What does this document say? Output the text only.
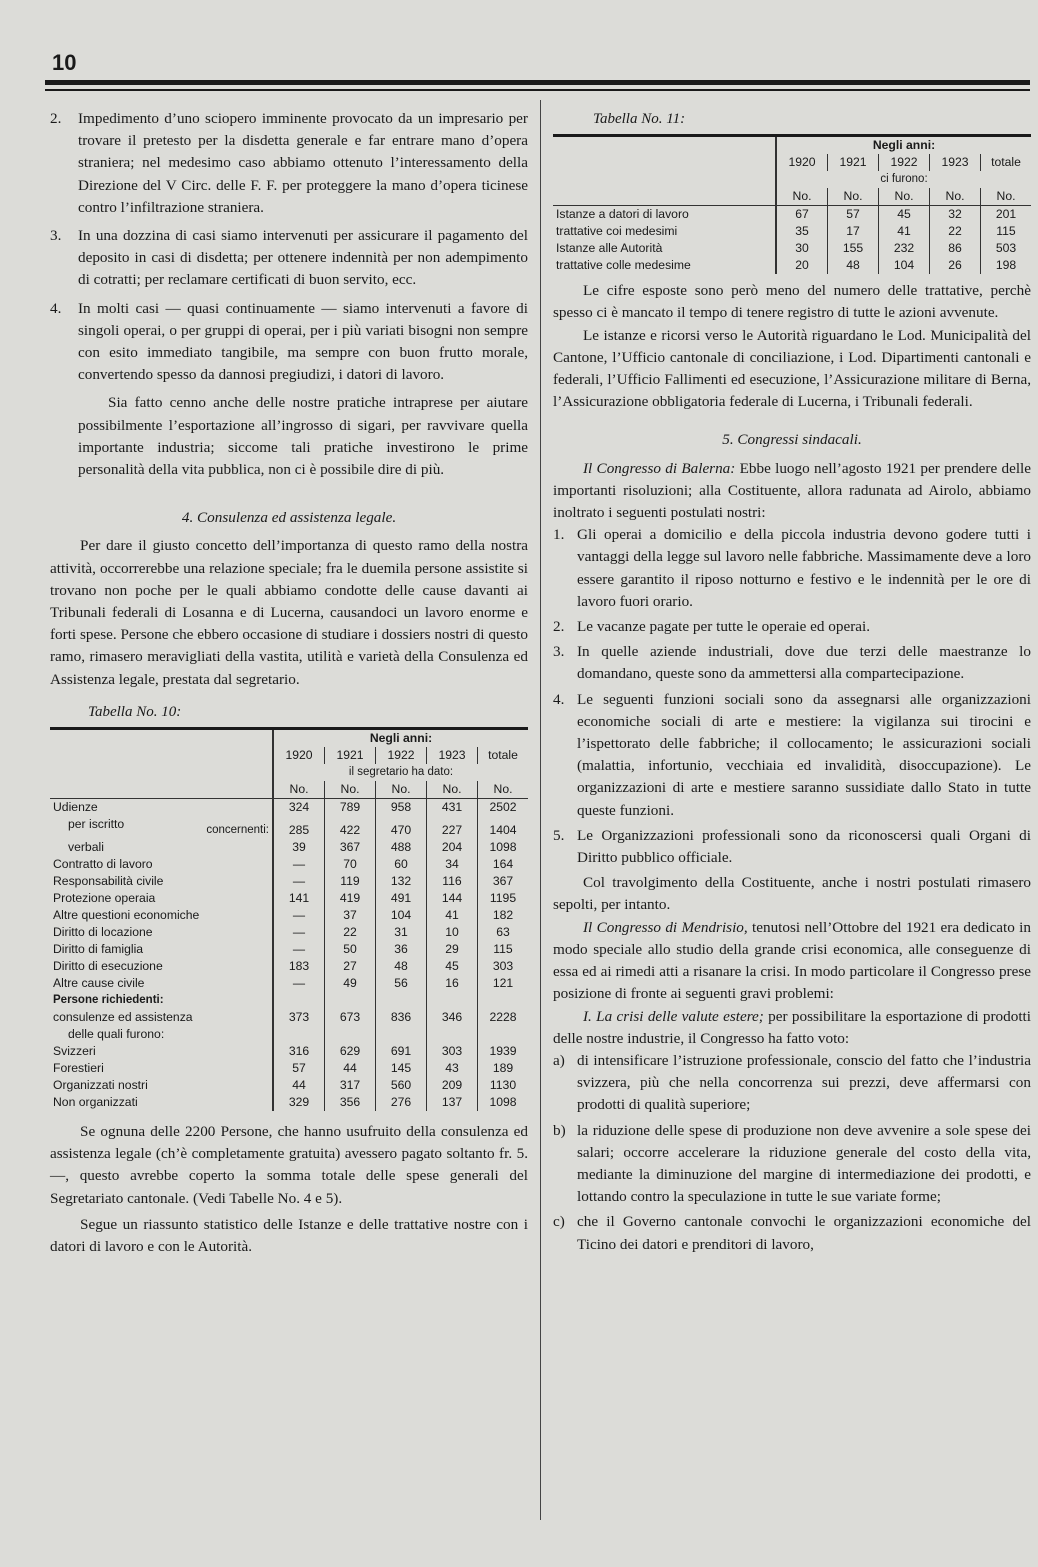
10
2.	Impedimento d’uno sciopero imminente provocato da un impresario per trovare il pretesto per la disdetta generale e far entrare mano d’opera straniera; nel medesimo caso abbiamo ottenuto l’interessamento della Direzione del V Circ. delle F. F. per proteggere la mano d’opera ticinese contro l’infiltrazione straniera.
3.	In una dozzina di casi siamo intervenuti per assicurare il pagamento del deposito in casi di disdetta; per ottenere indennità per non adempimento di cotratti; per reclamare certificati di buon servito, ecc.
4.	In molti casi — quasi continuamente — siamo intervenuti a favore di singoli operai, o per gruppi di operai, per i più variati bisogni non sempre con esito immediato tangibile, ma sempre con buon frutto morale, convertendo spesso da dannosi pregiudizi, i datori di lavoro.

Sia fatto cenno anche delle nostre pratiche intraprese per aiutare possibilmente l’esportazione all’ingrosso di sigari, per ravvivare quella importante industria; siccome tali pratiche investirono le prime personalità della vita pubblica, non ci è possibile dire di più.

4. Consulenza ed assistenza legale.

Per dare il giusto concetto dell’importanza di questo ramo della nostra attività, occorrerebbe una relazione speciale; fra le duemila persone assistite si trovano non poche per le quali abbiamo condotte delle cause davanti ai Tribunali federali di Losanna e di Lucerna, causandoci un lavoro enorme e forti spese. Persone che ebbero occasione di studiare i dossiers nostri di questo ramo, rimasero meravigliati della vastita, utilità e varietà della Consulenza ed Assistenza legale, prestata dal segretario.

Tabella No. 10:
	Negli anni:				
	1920	1921	1922	1923	totale
	il segretario ha dato:				
	No.	No.	No.	No.	No.
Udienze	324	789	958	431	2502
per iscritto concernenti:	285	422	470	227	1404
verbali	39	367	488	204	1098
Contratto di lavoro	—	70	60	34	164
Responsabilità civile	—	119	132	116	367
Protezione operaia	141	419	491	144	1195
Altre questioni economiche	—	37	104	41	182
Diritto di locazione	—	22	31	10	63
Diritto di famiglia	—	50	36	29	115
Diritto di esecuzione	183	27	48	45	303
Altre cause civile	—	49	56	16	121
Persone richiedenti:					
consulenze ed assistenza	373	673	836	346	2228
delle quali furono:					
Svizzeri	316	629	691	303	1939
Forestieri	57	44	145	43	189
Organizzati nostri	44	317	560	209	1130
Non organizzati	329	356	276	137	1098

Se ognuna delle 2200 Persone, che hanno usufruito della consulenza ed assistenza legale (ch’è completamente gratuita) avessero pagato soltanto fr. 5.—, questo avrebbe coperto la somma totale delle spese generali del Segretariato cantonale. (Vedi Tabelle No. 4 e 5).

Segue un riassunto statistico delle Istanze e delle trattative nostre con i datori di lavoro e con le Autorità.

Tabella No. 11:
	Negli anni:				
	1920	1921	1922	1923	totale
	ci furono:				
	No.	No.	No.	No.	No.
Istanze a datori di lavoro	67	57	45	32	201
trattative coi medesimi	35	17	41	22	115
Istanze alle Autorità	30	155	232	86	503
trattative colle medesime	20	48	104	26	198

Le cifre esposte sono però meno del numero delle trattative, perchè spesso ci è mancato il tempo di tenere registro di tutte le azioni avvenute.

Le istanze e ricorsi verso le Autorità riguardano le Lod. Municipalità del Cantone, l’Ufficio cantonale di conciliazione, i Lod. Dipartimenti cantonali e federali, l’Ufficio Fallimenti ed esecuzione, l’Assicurazione militare di Berna, l’Assicurazione obbligatoria federale di Lucerna, i Tribunali federali.

5. Congressi sindacali.

Il Congresso di Balerna: Ebbe luogo nell’agosto 1921 per prendere delle importanti risoluzioni; alla Costituente, allora radunata ad Airolo, abbiamo inoltrato i seguenti postulati nostri:

1. Gli operai a domicilio e della piccola industria devono godere tutti i vantaggi della legge sul lavoro nelle fabbriche. Massimamente deve a loro essere garantito il riposo notturno e festivo e le indennità per le ore di lavoro fuori orario.
2. Le vacanze pagate per tutte le operaie ed operai.
3. In quelle aziende industriali, dove due terzi delle maestranze lo domandano, queste sono da ammettersi alla compartecipazione.
4. Le seguenti funzioni sociali sono da assegnarsi alle organizzazioni economiche sociali di arte e mestiere: la vigilanza sui tirocini e l’ispettorato delle fabbriche; il collocamento; le assicurazioni sociali (malattia, infortunio, vecchiaia ed invalidità, disoccupazione). Le organizzazioni di arte e mestiere saranno sussidiate dallo Stato in tutte queste funzioni.
5. Le Organizzazioni professionali sono da riconoscersi quali Organi di Diritto pubblico officiale.

Col travolgimento della Costituente, anche i nostri postulati rimasero sepolti, per intanto.

Il Congresso di Mendrisio, tenutosi nell’Ottobre del 1921 era dedicato in modo speciale allo studio della grande crisi economica, alle conseguenze di essa ed ai rimedi atti a risanare la crisi. In modo particolare il Congresso prese posizione di fronte ai seguenti gravi problemi:

I. La crisi delle valute estere; per possibilitare la esportazione di prodotti delle nostre industrie, il Congresso ha fatto voto:

a) di intensificare l’istruzione professionale, conscio del fatto che l’industria svizzera, più che nella concorrenza sui prezzi, deve affermarsi con prodotti di qualità superiore;
b) la riduzione delle spese di produzione non deve avvenire a sole spese dei salari; occorre accelerare la riduzione generale del costo della vita, mediante la diminuzione del margine di intermediazione dei prodotti, e lottando contro la speculazione in tutte le sue variate forme;
c) che il Governo cantonale convochi le organizzazioni economiche del Ticino dei datori e prenditori di lavoro,
